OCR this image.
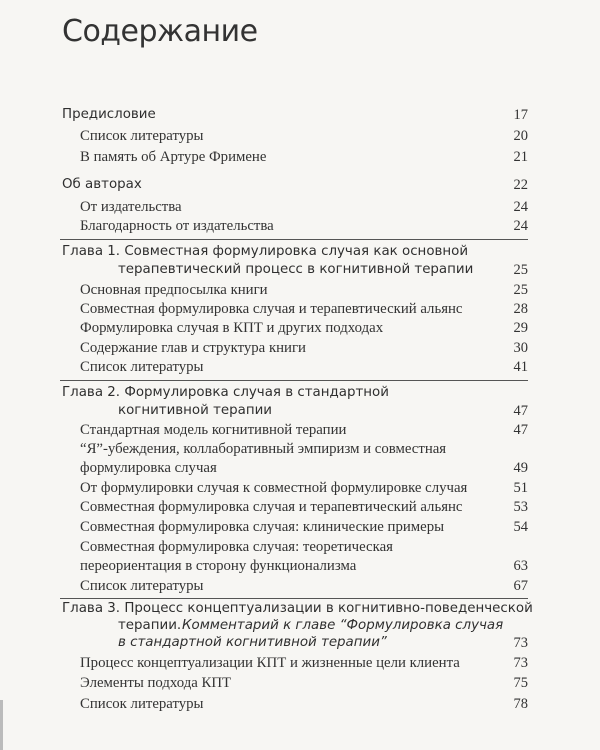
Содержание
Предисловие	17
Список литературы	20
В память об Артуре Фримене	21
Об авторах	22
От издательства	24
Благодарность от издательства	24
Глава 1. Совместная формулировка случая как основной
терапевтический процесс в когнитивной терапии	25
Основная предпосылка книги	25
Совместная формулировка случая и терапевтический альянс	28
Формулировка случая в КПТ и других подходах	29
Содержание глав и структура книги	30
Список литературы	41
Глава 2. Формулировка случая в стандартной
когнитивной терапии	47
Стандартная модель когнитивной терапии	47
“Я”-убеждения, коллаборативный эмпиризм и совместная
формулировка случая	49
От формулировки случая к совместной формулировке случая	51
Совместная формулировка случая и терапевтический альянс	53
Совместная формулировка случая: клинические примеры	54
Совместная формулировка случая: теоретическая
переориентация в сторону функционализма	63
Список литературы	67
Глава 3. Процесс концептуализации в когнитивно-поведенческой
терапии. Комментарий к главе “Формулировка случая
в стандартной когнитивной терапии”	73
Процесс концептуализации КПТ и жизненные цели клиента	73
Элементы подхода КПТ	75
Список литературы	78
